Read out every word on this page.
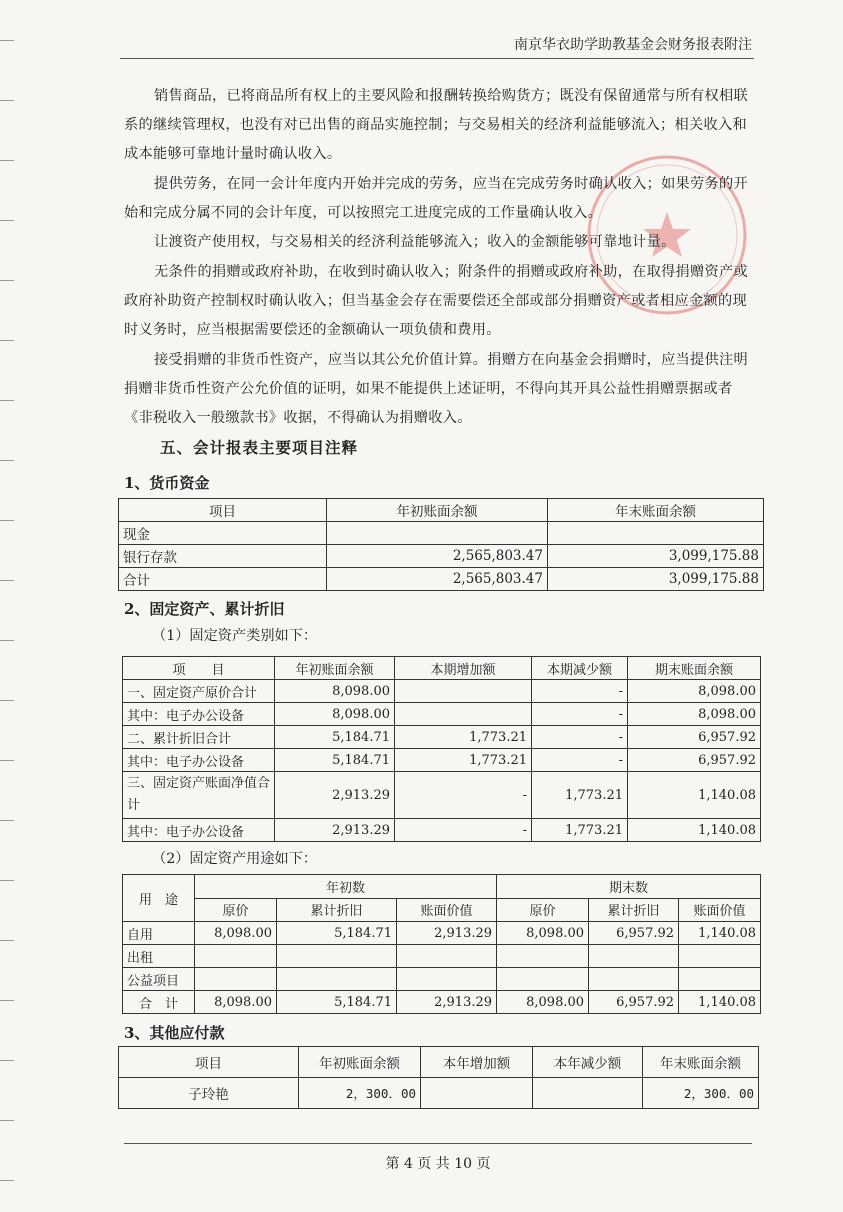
南京华衣助学助教基金会财务报表附注
销售商品，已将商品所有权上的主要风险和报酬转换给购货方；既没有保留通常与所有权相联系的继续管理权，也没有对已出售的商品实施控制；与交易相关的经济利益能够流入；相关收入和成本能够可靠地计量时确认收入。
提供劳务，在同一会计年度内开始并完成的劳务，应当在完成劳务时确认收入；如果劳务的开始和完成分属不同的会计年度，可以按照完工进度完成的工作量确认收入。
让渡资产使用权，与交易相关的经济利益能够流入；收入的金额能够可靠地计量。
无条件的捐赠或政府补助，在收到时确认收入；附条件的捐赠或政府补助，在取得捐赠资产或政府补助资产控制权时确认收入；但当基金会存在需要偿还全部或部分捐赠资产或者相应金额的现时义务时，应当根据需要偿还的金额确认一项负债和费用。
接受捐赠的非货币性资产，应当以其公允价值计算。捐赠方在向基金会捐赠时，应当提供注明捐赠非货币性资产公允价值的证明，如果不能提供上述证明，不得向其开具公益性捐赠票据或者《非税收入一般缴款书》收据，不得确认为捐赠收入。
五、会计报表主要项目注释
1、货币资金
项目	年初账面余额	年末账面余额
现金		
银行存款	2,565,803.47	3,099,175.88
合计	2,565,803.47	3,099,175.88
2、固定资产、累计折旧
（1）固定资产类别如下：
项　　目	年初账面余额	本期增加额	本期减少额	期末账面余额
一、固定资产原价合计	8,098.00		-	8,098.00
其中：电子办公设备	8,098.00		-	8,098.00
二、累计折旧合计	5,184.71	1,773.21	-	6,957.92
其中：电子办公设备	5,184.71	1,773.21	-	6,957.92
三、固定资产账面净值合计	2,913.29	-	1,773.21	1,140.08
其中：电子办公设备	2,913.29	-	1,773.21	1,140.08
（2）固定资产用途如下：
用　途	年初数			期末数		
	原价	累计折旧	账面价值	原价	累计折旧	账面价值
自用	8,098.00	5,184.71	2,913.29	8,098.00	6,957.92	1,140.08
出租						
公益项目						
合　计	8,098.00	5,184.71	2,913.29	8,098.00	6,957.92	1,140.08
3、其他应付款
项目	年初账面余额	本年增加额	本年减少额	年末账面余额
子玲艳	2，300．00			2，300．00
第 4 页 共 10 页
